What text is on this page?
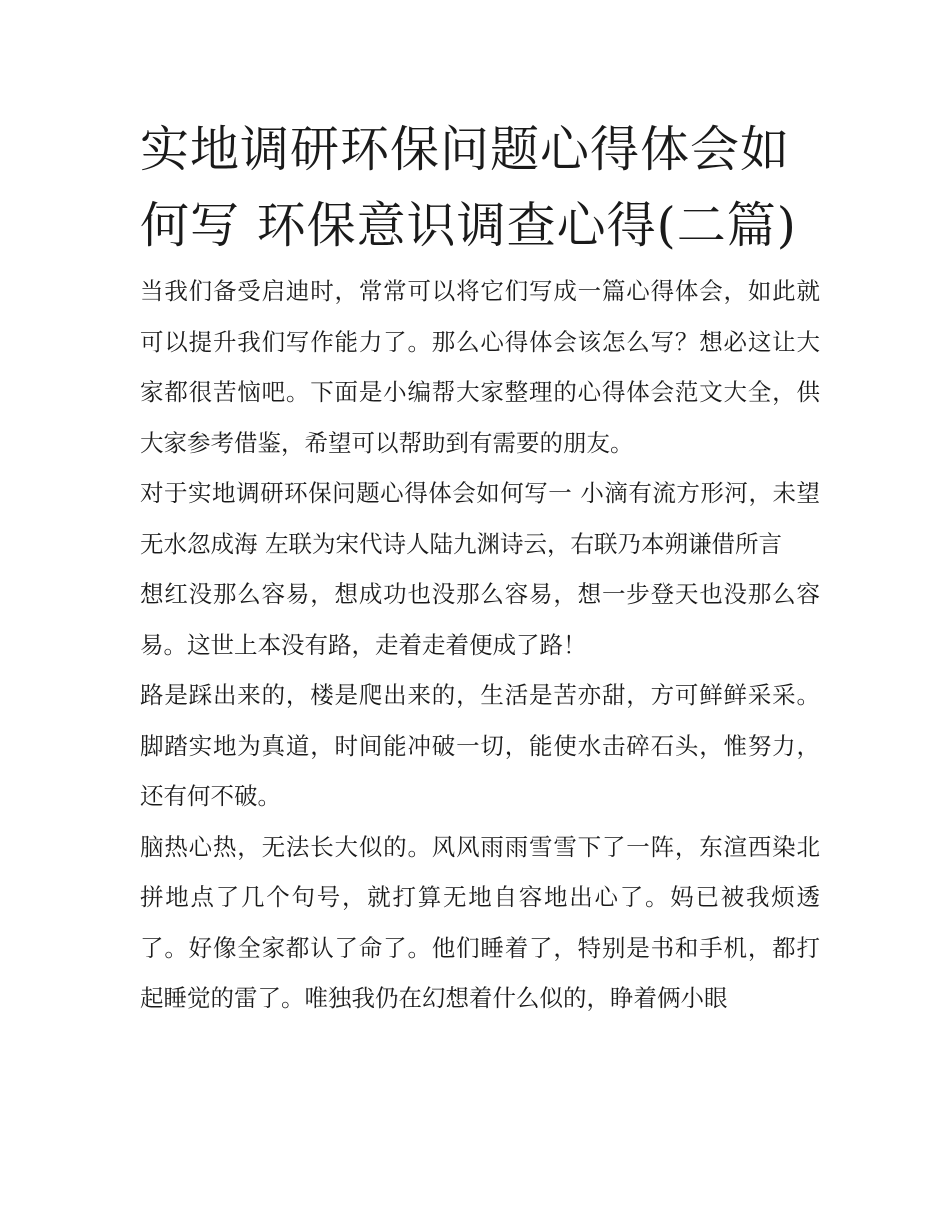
实地调研环保问题心得体会如何写 环保意识调查心得(二篇)

当我们备受启迪时，常常可以将它们写成一篇心得体会，如此就可以提升我们写作能力了。那么心得体会该怎么写？想必这让大家都很苦恼吧。下面是小编帮大家整理的心得体会范文大全，供大家参考借鉴，希望可以帮助到有需要的朋友。

对于实地调研环保问题心得体会如何写一 小滴有流方形河，未望无水忽成海 左联为宋代诗人陆九渊诗云，右联乃本朔谦借所言

想红没那么容易，想成功也没那么容易，想一步登天也没那么容易。这世上本没有路，走着走着便成了路！

路是踩出来的，楼是爬出来的，生活是苦亦甜，方可鲜鲜采采。脚踏实地为真道，时间能冲破一切，能使水击碎石头，惟努力，还有何不破。

脑热心热，无法长大似的。风风雨雨雪雪下了一阵，东渲西染北拼地点了几个句号，就打算无地自容地出心了。妈已被我烦透了。好像全家都认了命了。他们睡着了，特别是书和手机，都打起睡觉的雷了。唯独我仍在幻想着什么似的，睁着俩小眼
